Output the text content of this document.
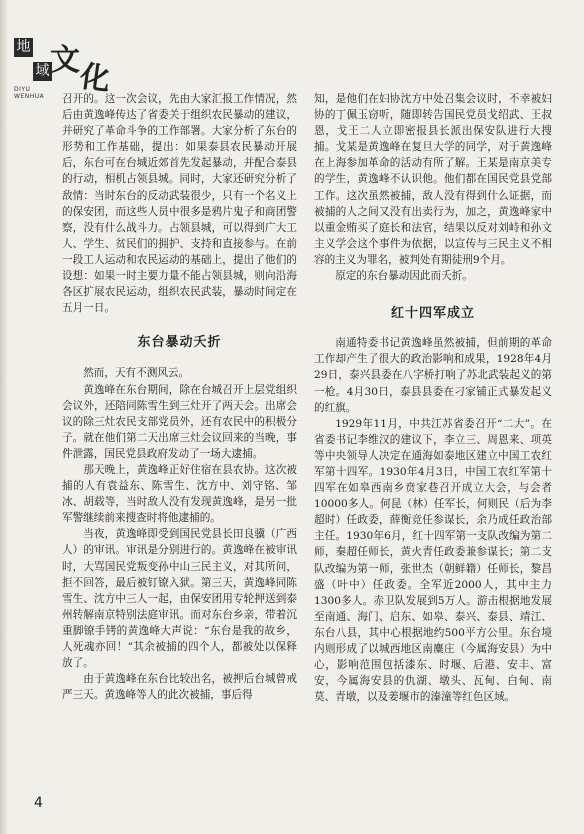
地
域 文
化
DIYU
WENHUA 召开的。这一次会议，先由大家汇报工作情况，然后由黄逸峰传达了省委关于组织农民暴动的建议，并研究了革命斗争的工作部署。大家分析了东台的形势和工作基础，提出：如果泰县农民暴动开展后，东台可在台城近郊首先发起暴动，并配合泰县的行动，相机占领县城。同时，大家还研究分析了敌情：当时东台的反动武装很少，只有一个名义上的保安团，而这些人员中很多是鸦片鬼子和商团警察，没有什么战斗力。占领县城，可以得到广大工人、学生、贫民们的拥护、支持和直接参与。在前一段工人运动和农民运动的基础上，提出了他们的设想：如果一时主要力量不能占领县城，则向沿海各区扩展农民运动，组织农民武装，暴动时间定在五月一日。

东台暴动夭折

然而，天有不测风云。

黄逸峰在东台期间，除在台城召开上层党组织会议外，还陪同陈雪生到三灶开了两天会。出席会议的除三灶农民支部党员外，还有农民中的积极分子。就在他们第二天出席三灶会议回来的当晚，事件泄露，国民党县政府发动了一场大逮捕。

那天晚上，黄逸峰正好住宿在县农协。这次被捕的人有袁益东、陈雪生、沈方中、刘守铭、邹冰、胡载等，当时敌人没有发现黄逸峰，是另一批军警继续前来搜查时将他逮捕的。

当夜，黄逸峰即受到国民党县长田良骥（广西人）的审讯。审讯是分别进行的。黄逸峰在被审讯时，大骂国民党叛变孙中山三民主义，对其所问，拒不回答，最后被钉镣入狱。第三天，黄逸峰同陈雪生、沈方中三人一起，由保安团用专轮押送到泰州转解南京特别法庭审讯。而对东台乡亲，带着沉重脚镣手铐的黄逸峰大声说：“东台是我的故乡，人死魂亦回！”其余被捕的四个人，都被处以保释放了。

由于黄逸峰在东台比较出名，被押后台城曾戒严三天。黄逸峰等人的此次被捕，事后得

知，是他们在妇协沈方中处召集会议时，不幸被妇协的丁佩玉窃听，随即转告国民党员戈绍武、王叔恩，戈王二人立即密报县长派出保安队进行大搜捕。戈某是黄逸峰在复旦大学的同学，对于黄逸峰在上海参加革命的活动有所了解。王某是南京美专的学生，黄逸峰不认识他。他们都在国民党县党部工作。这次虽然被捕，敌人没有得到什么证据，而被捕的人之间又没有出卖行为，加之，黄逸峰家中以重金贿买了庭长和法官，结果以反对刘峙和孙文主义学会这个事件为依据，以宣传与三民主义不相容的主义为罪名，被判处有期徒刑9个月。

原定的东台暴动因此而夭折。

红十四军成立

南通特委书记黄逸峰虽然被捕，但前期的革命工作却产生了很大的政治影响和成果，1928年4月29日，泰兴县委在八字桥打响了苏北武装起义的第一枪。4月30日，泰县县委在刁家铺正式暴发起义的红旗。

1929年11月，中共江苏省委召开“二大”。在省委书记李维汉的建议下，李立三、周恩来、项英等中央领导人决定在通海如泰地区建立中国工农红军第十四军。1930年4月3日，中国工农红军第十四军在如皋西南乡贲家巷召开成立大会，与会者10000多人。何昆（林）任军长，何则民（后为李超时）任政委，薛衡竞任参谋长，余乃成任政治部主任。1930年6月，红十四军第一支队改编为第二师，秦超任师长，黄火青任政委兼参谋长；第二支队改编为第一师，张世杰（朝鲜籍）任师长，黎昌盛（叶中）任政委。全军近2000人，其中主力1300多人。赤卫队发展到5万人。游击根据地发展至南通、海门、启东、如皋、泰兴、泰县、靖江、东台八县，其中心根据地约500平方公里。东台境内则形成了以城西地区南麋庄（今属海安县）为中心，影响范围包括漆东、时堰、后港、安丰、富安，今属海安县的仇湖、墩头、瓦甸、白甸、南莫、青墩，以及姜堰市的溱潼等红色区域。

4
